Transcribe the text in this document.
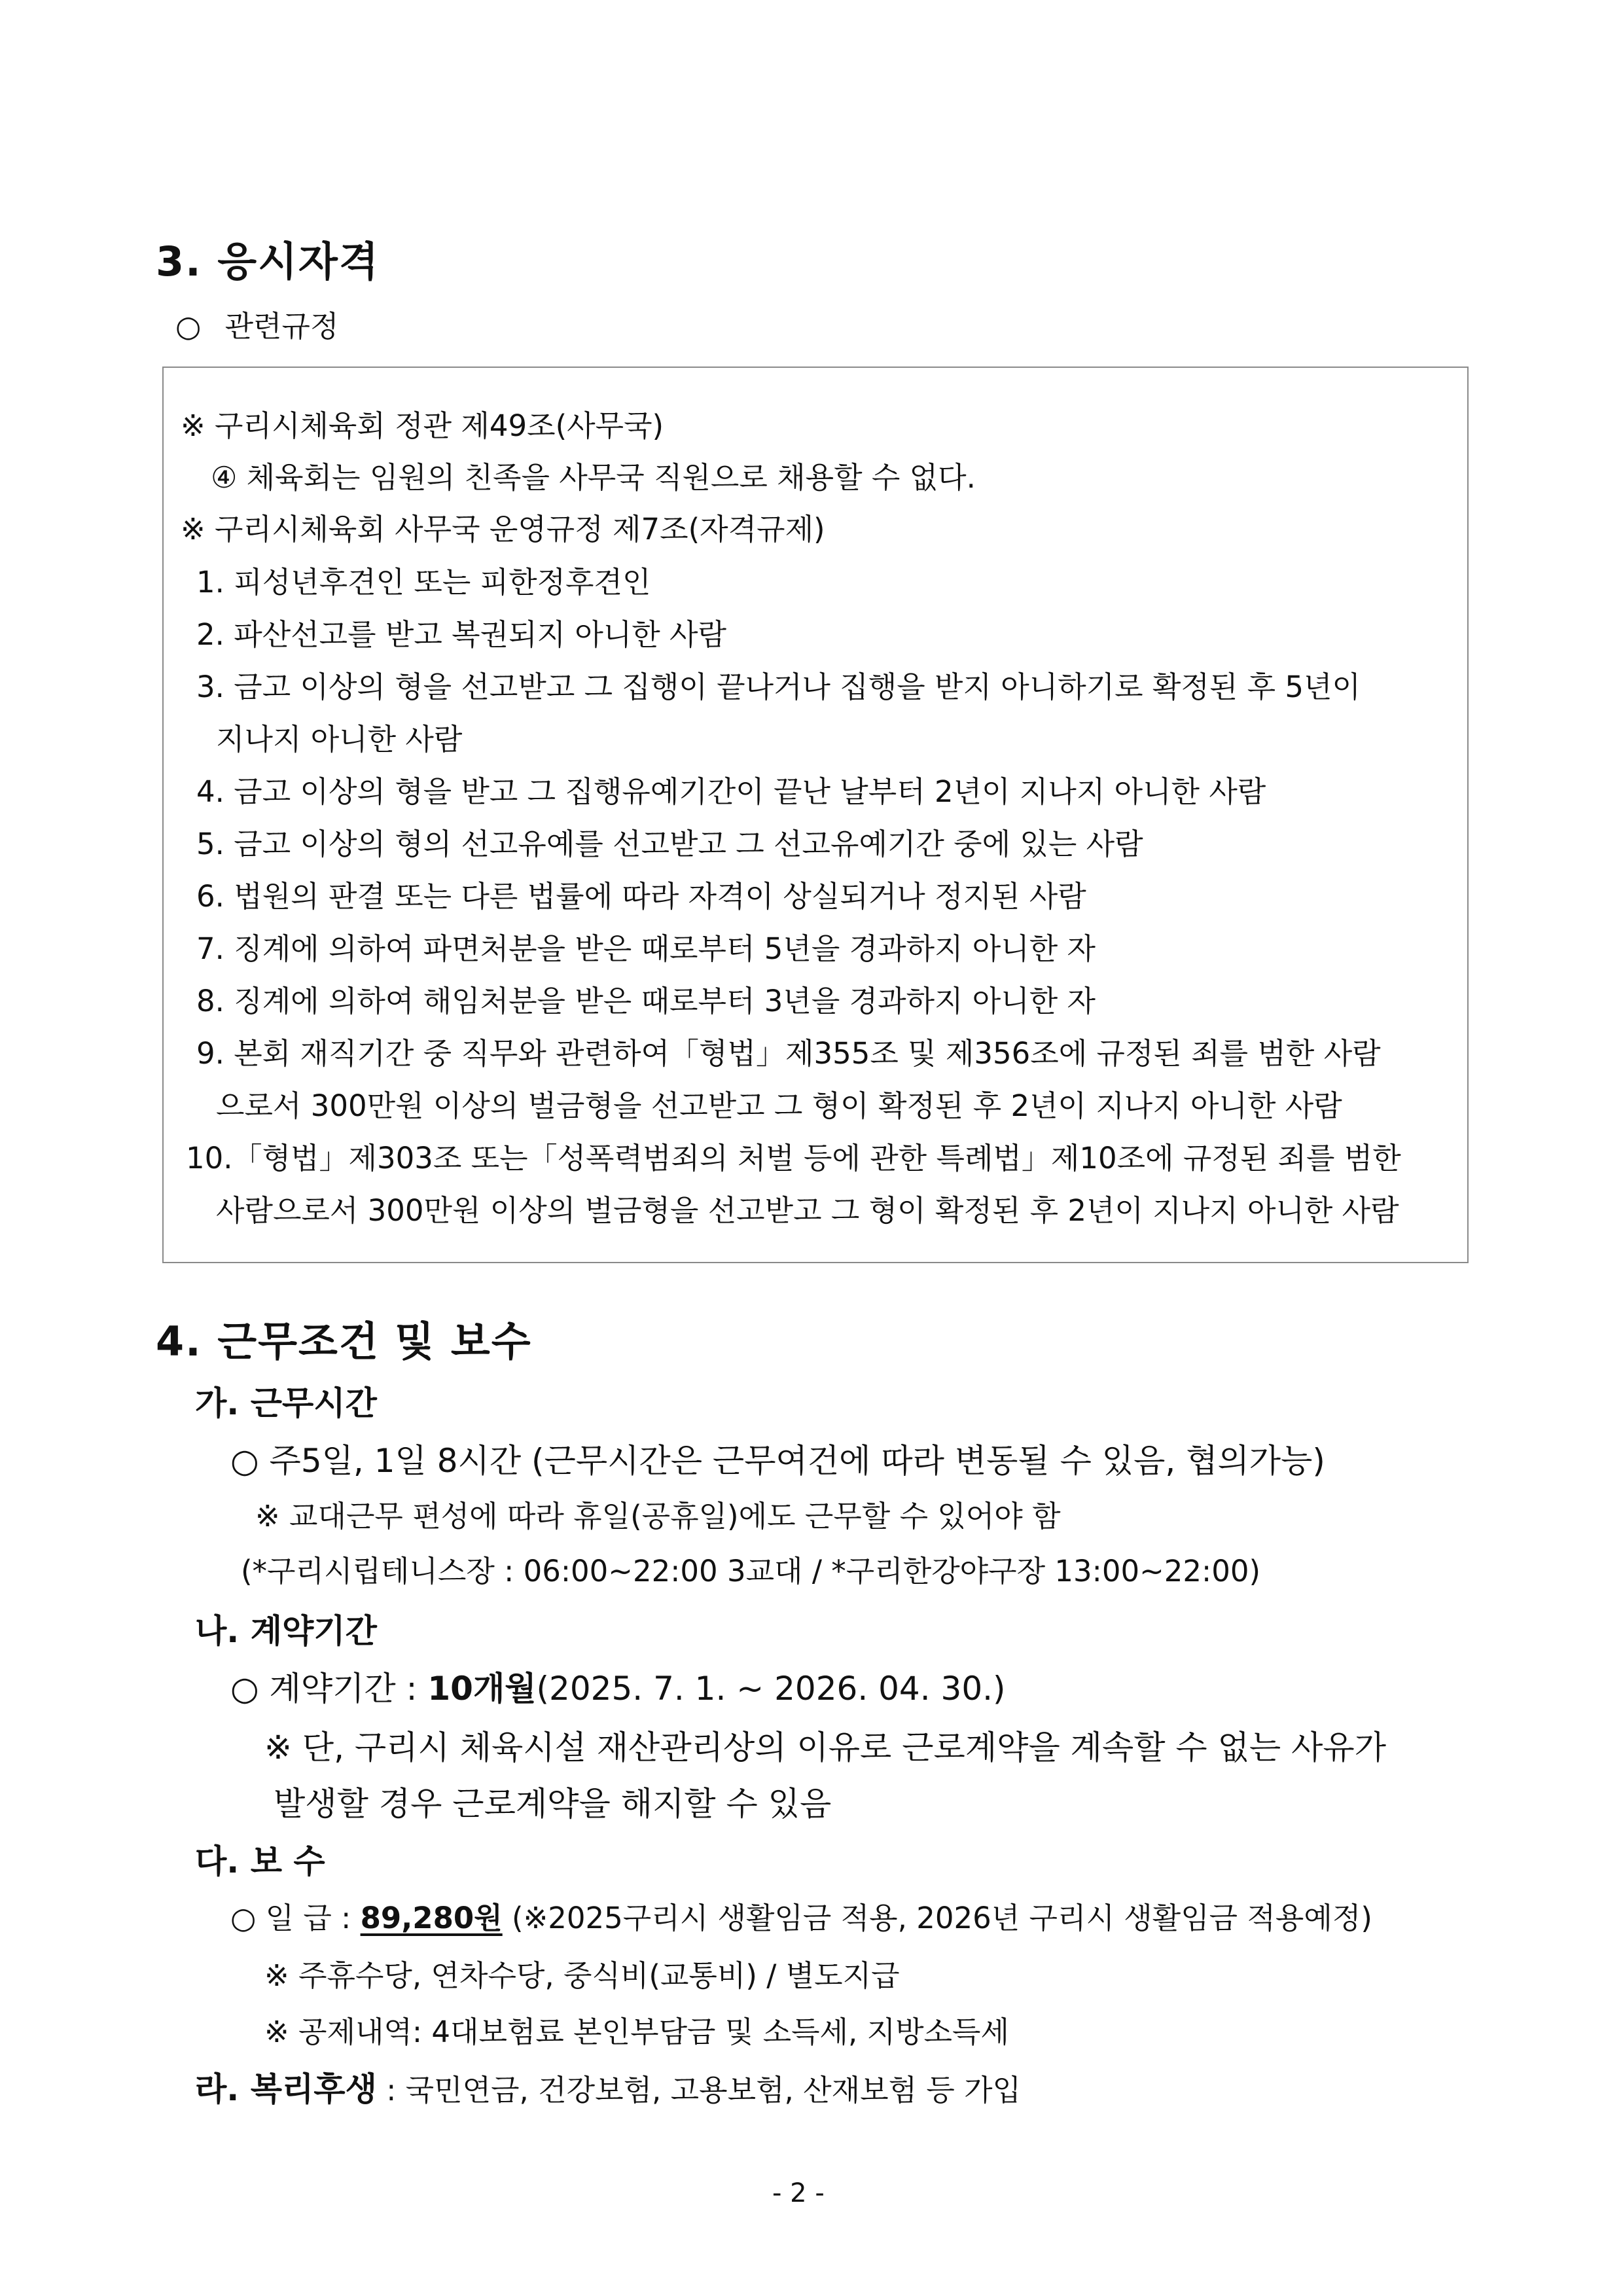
3. 응시자격
○ 관련규정
※ 구리시체육회 정관 제49조(사무국)
④ 체육회는 임원의 친족을 사무국 직원으로 채용할 수 없다.
※ 구리시체육회 사무국 운영규정 제7조(자격규제)
1. 피성년후견인 또는 피한정후견인
2. 파산선고를 받고 복권되지 아니한 사람
3. 금고 이상의 형을 선고받고 그 집행이 끝나거나 집행을 받지 아니하기로 확정된 후 5년이
지나지 아니한 사람
4. 금고 이상의 형을 받고 그 집행유예기간이 끝난 날부터 2년이 지나지 아니한 사람
5. 금고 이상의 형의 선고유예를 선고받고 그 선고유예기간 중에 있는 사람
6. 법원의 판결 또는 다른 법률에 따라 자격이 상실되거나 정지된 사람
7. 징계에 의하여 파면처분을 받은 때로부터 5년을 경과하지 아니한 자
8. 징계에 의하여 해임처분을 받은 때로부터 3년을 경과하지 아니한 자
9. 본회 재직기간 중 직무와 관련하여「형법」제355조 및 제356조에 규정된 죄를 범한 사람
으로서 300만원 이상의 벌금형을 선고받고 그 형이 확정된 후 2년이 지나지 아니한 사람
10.「형법」제303조 또는「성폭력범죄의 처벌 등에 관한 특례법」제10조에 규정된 죄를 범한
사람으로서 300만원 이상의 벌금형을 선고받고 그 형이 확정된 후 2년이 지나지 아니한 사람
4. 근무조건 및 보수
가. 근무시간
○ 주5일, 1일 8시간 (근무시간은 근무여건에 따라 변동될 수 있음, 협의가능)
※ 교대근무 편성에 따라 휴일(공휴일)에도 근무할 수 있어야 함
(*구리시립테니스장 : 06:00~22:00 3교대 / *구리한강야구장 13:00~22:00)
나. 계약기간
○ 계약기간 : 10개월(2025. 7. 1. ~ 2026. 04. 30.)
※ 단, 구리시 체육시설 재산관리상의 이유로 근로계약을 계속할 수 없는 사유가
발생할 경우 근로계약을 해지할 수 있음
다. 보 수
○ 일 급 : 89,280원 (※2025구리시 생활임금 적용, 2026년 구리시 생활임금 적용예정)
※ 주휴수당, 연차수당, 중식비(교통비) / 별도지급
※ 공제내역: 4대보험료 본인부담금 및 소득세, 지방소득세
라. 복리후생 : 국민연금, 건강보험, 고용보험, 산재보험 등 가입
- 2 -
